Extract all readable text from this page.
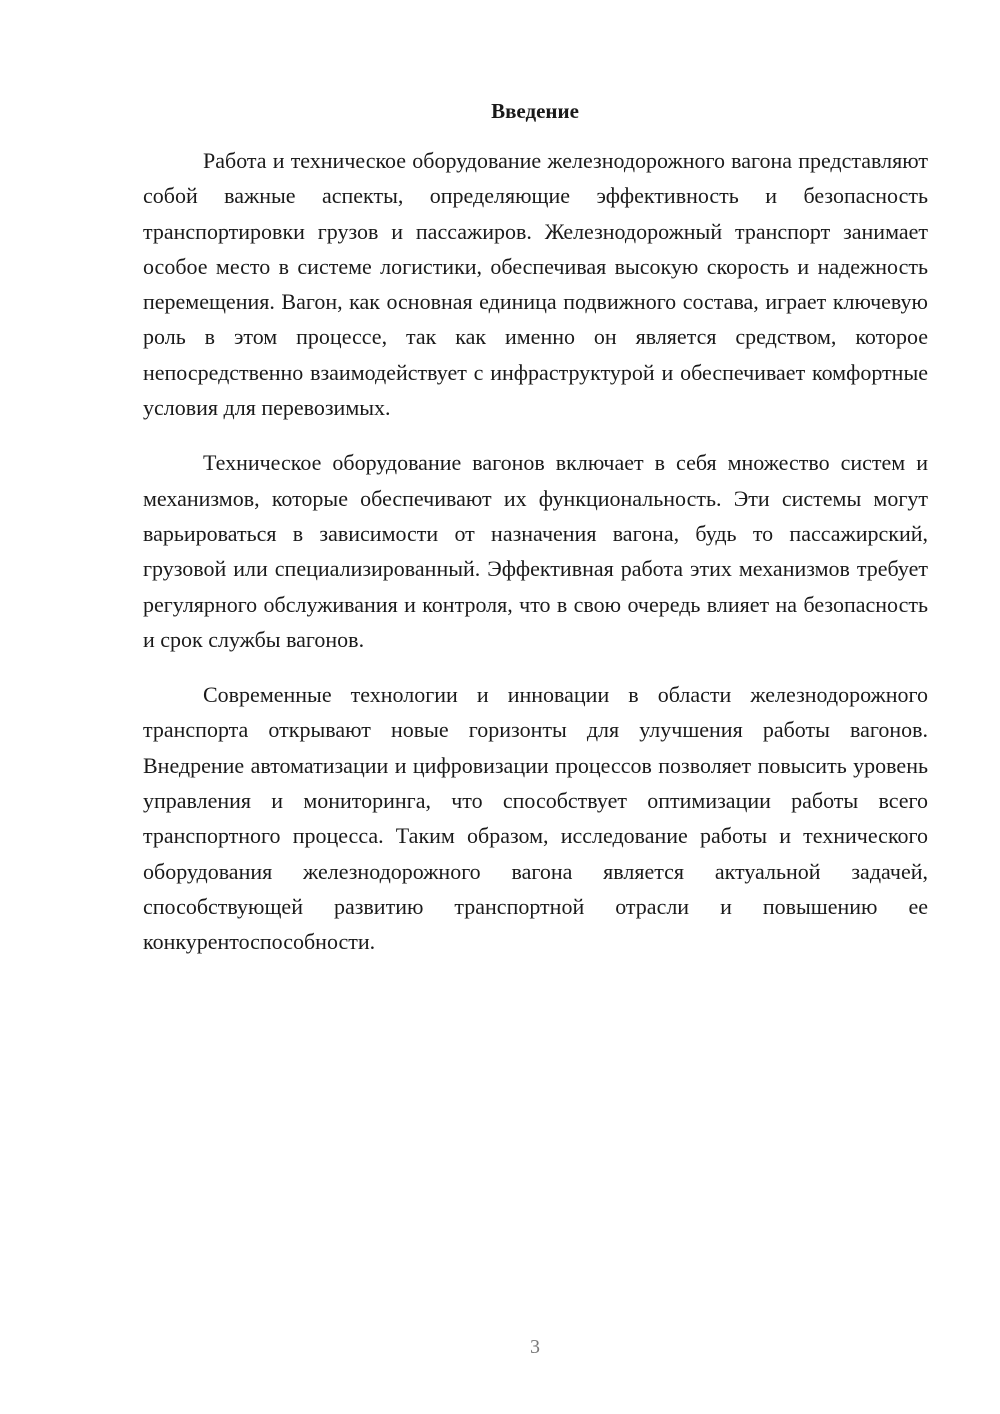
Введение

Работа и техническое оборудование железнодорожного вагона представляют собой важные аспекты, определяющие эффективность и безопасность транспортировки грузов и пассажиров. Железнодорожный транспорт занимает особое место в системе логистики, обеспечивая высокую скорость и надежность перемещения. Вагон, как основная единица подвижного состава, играет ключевую роль в этом процессе, так как именно он является средством, которое непосредственно взаимодействует с инфраструктурой и обеспечивает комфортные условия для перевозимых.

Техническое оборудование вагонов включает в себя множество систем и механизмов, которые обеспечивают их функциональность. Эти системы могут варьироваться в зависимости от назначения вагона, будь то пассажирский, грузовой или специализированный. Эффективная работа этих механизмов требует регулярного обслуживания и контроля, что в свою очередь влияет на безопасность и срок службы вагонов.

Современные технологии и инновации в области железнодорожного транспорта открывают новые горизонты для улучшения работы вагонов. Внедрение автоматизации и цифровизации процессов позволяет повысить уровень управления и мониторинга, что способствует оптимизации работы всего транспортного процесса. Таким образом, исследование работы и технического оборудования железнодорожного вагона является актуальной задачей, способствующей развитию транспортной отрасли и повышению ее конкурентоспособности.

3
